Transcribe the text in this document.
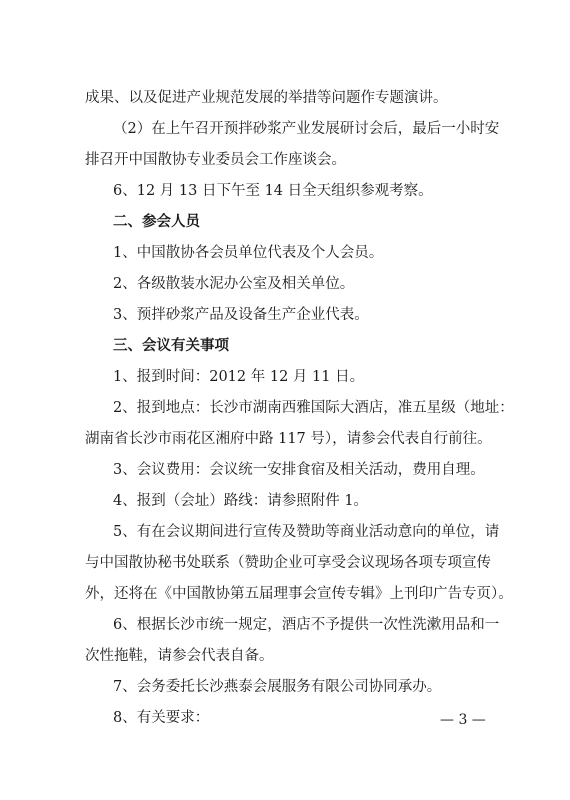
成果、以及促进产业规范发展的举措等问题作专题演讲。
（2）在上午召开预拌砂浆产业发展研讨会后，最后一小时安
排召开中国散协专业委员会工作座谈会。
6、12 月 13 日下午至 14 日全天组织参观考察。
二、参会人员
1、中国散协各会员单位代表及个人会员。
2、各级散装水泥办公室及相关单位。
3、预拌砂浆产品及设备生产企业代表。
三、会议有关事项
1、报到时间：2012 年 12 月 11 日。
2、报到地点：长沙市湖南西雅国际大酒店，准五星级（地址：
湖南省长沙市雨花区湘府中路 117 号），请参会代表自行前往。
3、会议费用：会议统一安排食宿及相关活动，费用自理。
4、报到（会址）路线：请参照附件 1。
5、有在会议期间进行宣传及赞助等商业活动意向的单位，请
与中国散协秘书处联系（赞助企业可享受会议现场各项专项宣传
外，还将在《中国散协第五届理事会宣传专辑》上刊印广告专页）。
6、根据长沙市统一规定，酒店不予提供一次性洗漱用品和一
次性拖鞋，请参会代表自备。
7、会务委托长沙燕泰会展服务有限公司协同承办。
8、有关要求：	— 3 —
